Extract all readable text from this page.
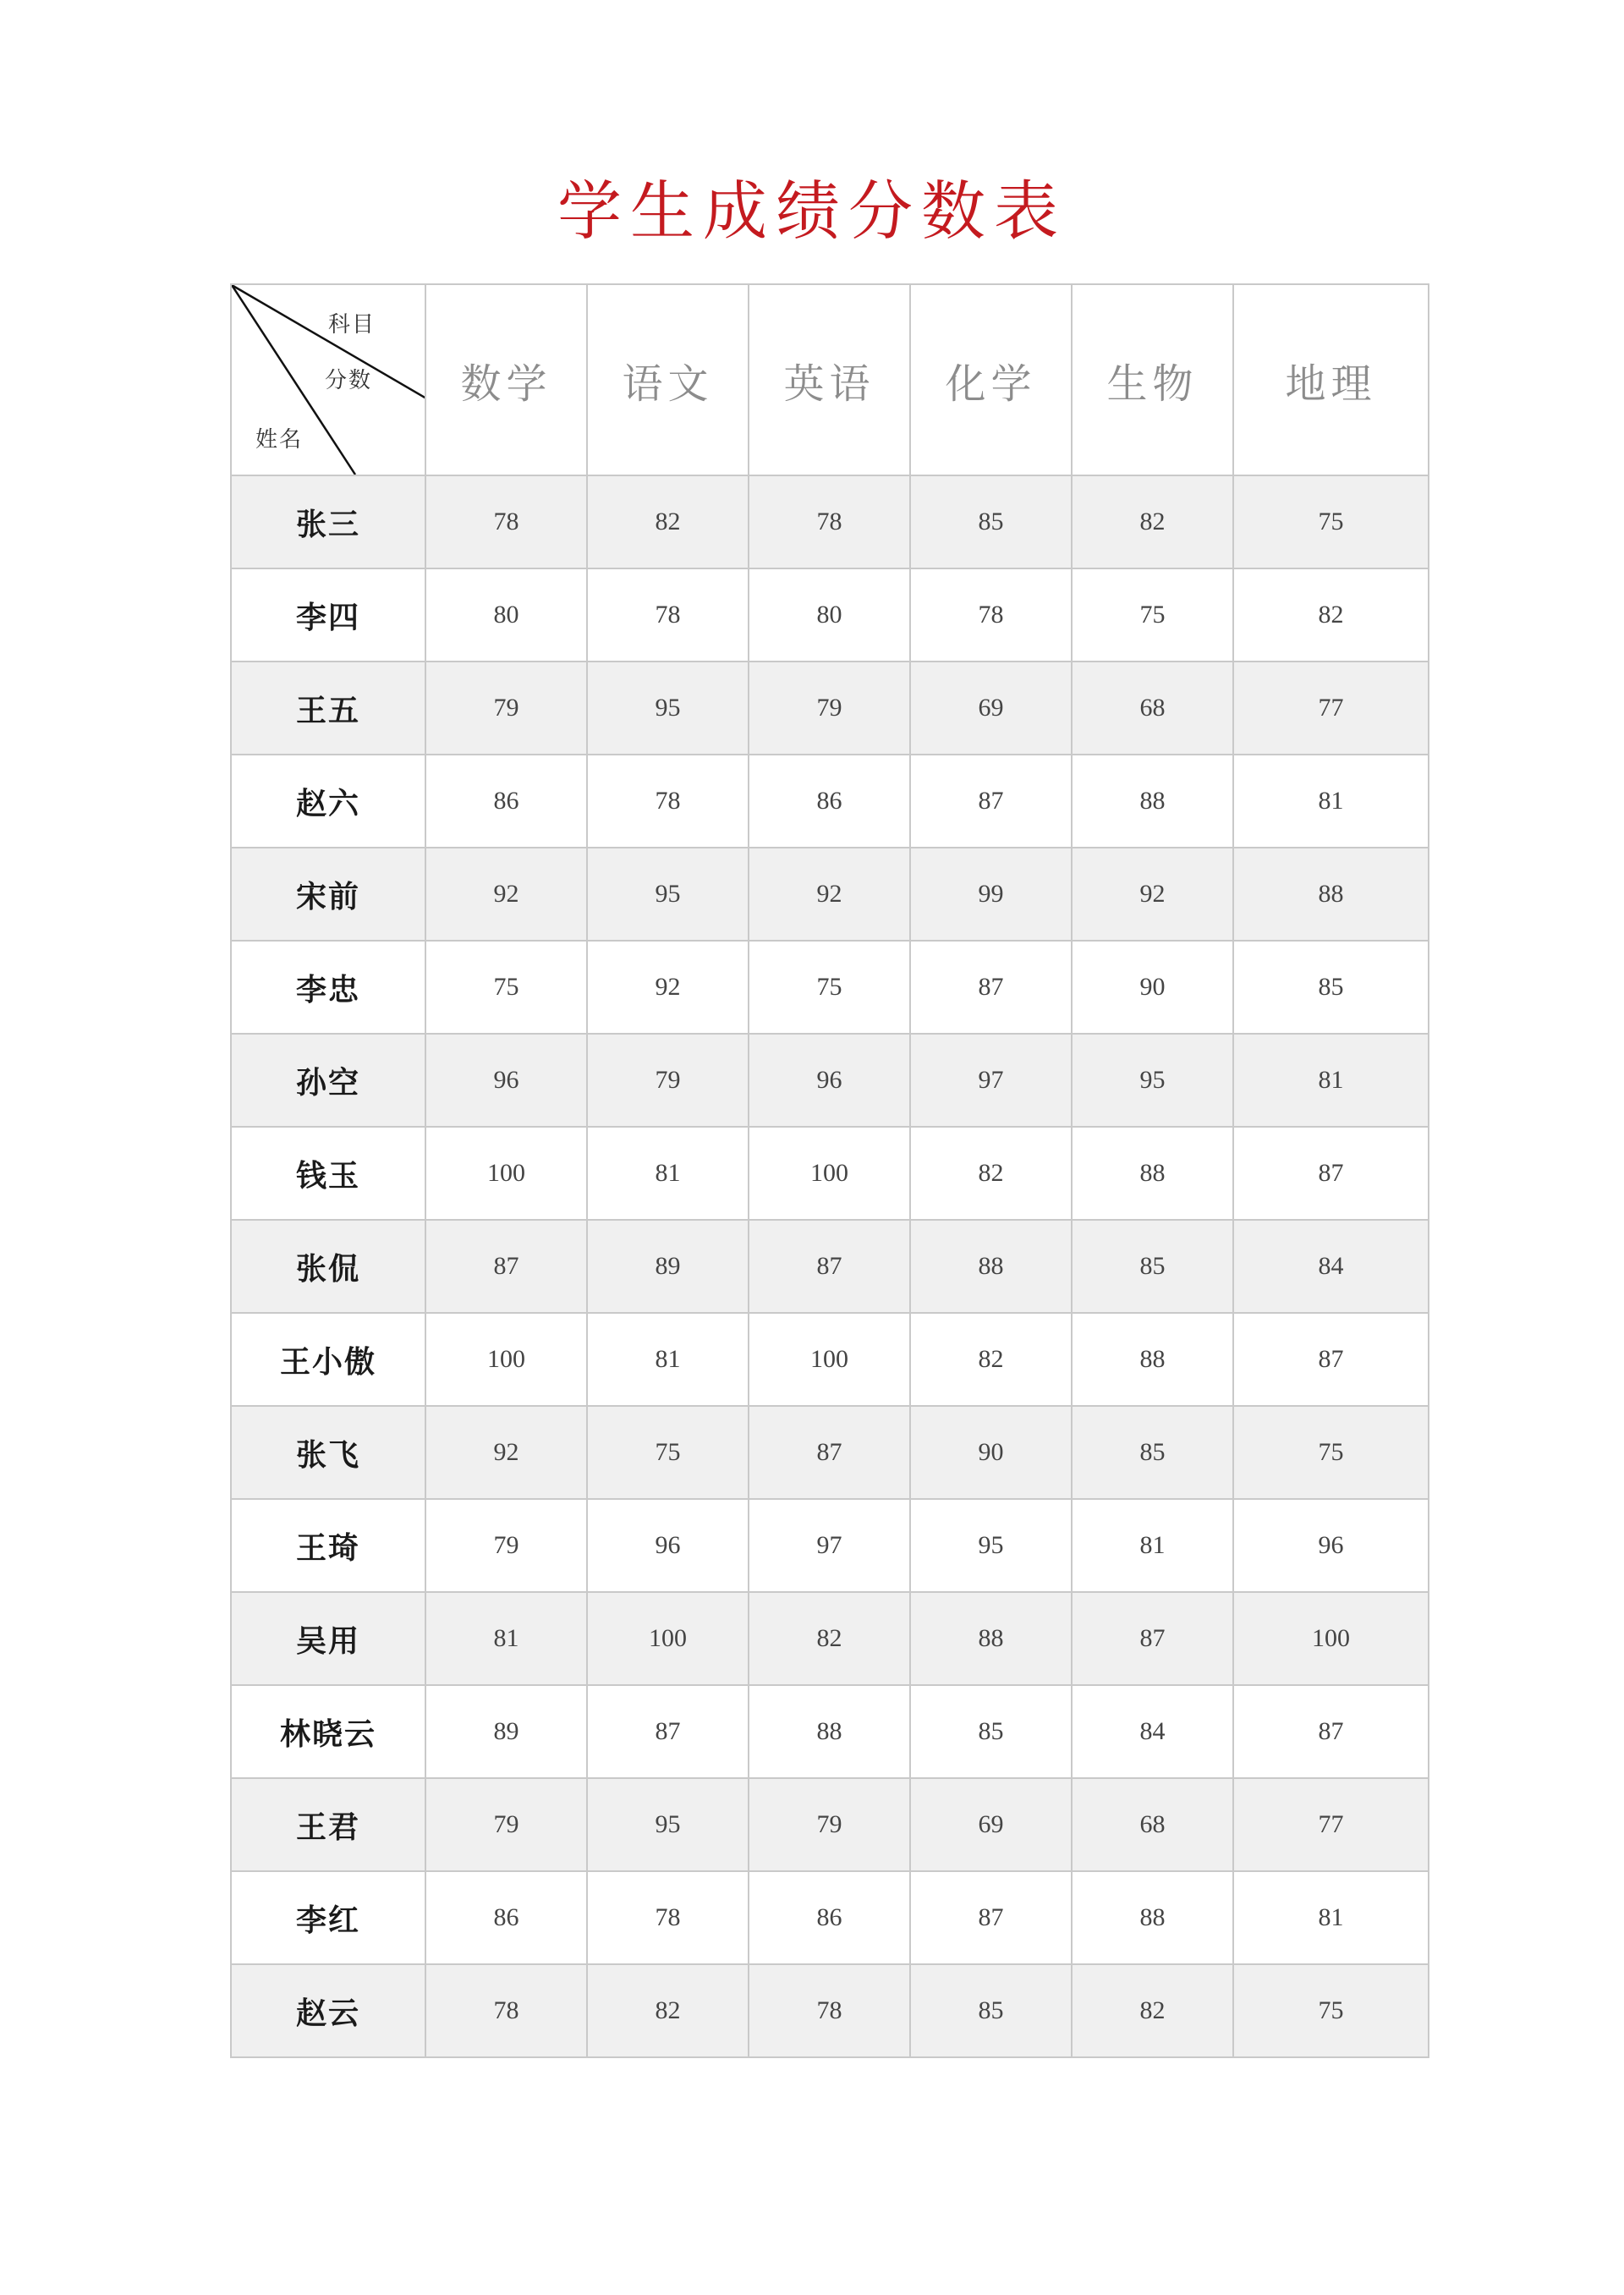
学生成绩分数表
科目
分数
姓名	数学	语文	英语	化学	生物	地理
张三	78	82	78	85	82	75
李四	80	78	80	78	75	82
王五	79	95	79	69	68	77
赵六	86	78	86	87	88	81
宋前	92	95	92	99	92	88
李忠	75	92	75	87	90	85
孙空	96	79	96	97	95	81
钱玉	100	81	100	82	88	87
张侃	87	89	87	88	85	84
王小傲	100	81	100	82	88	87
张飞	92	75	87	90	85	75
王琦	79	96	97	95	81	96
吴用	81	100	82	88	87	100
林晓云	89	87	88	85	84	87
王君	79	95	79	69	68	77
李红	86	78	86	87	88	81
赵云	78	82	78	85	82	75
